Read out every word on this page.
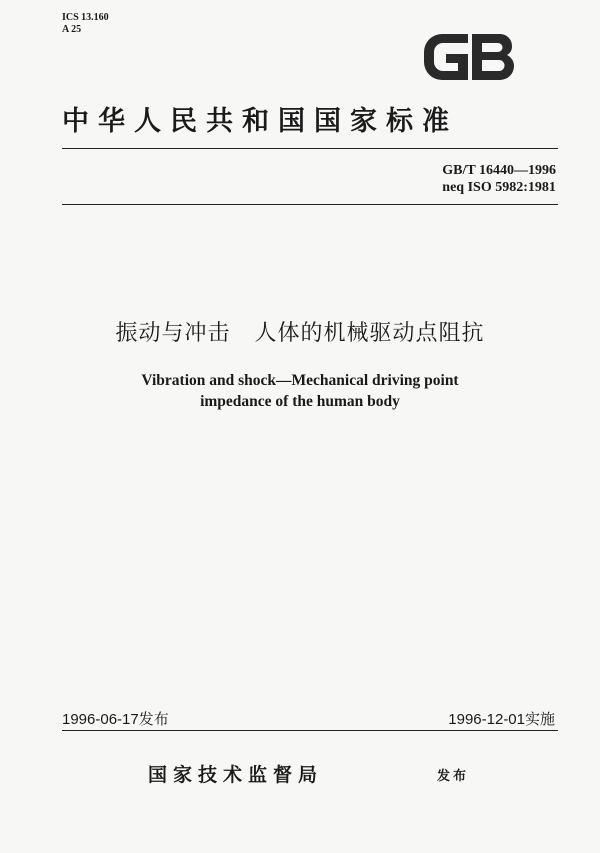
ICS 13.160
A 25
中华人民共和国国家标准
GB/T 16440—1996
neq ISO 5982:1981
振动与冲击   人体的机械驱动点阻抗
Vibration and shock—Mechanical driving point
impedance of the human body
1996-06-17发布	1996-12-01实施
国家技术监督局	发布
